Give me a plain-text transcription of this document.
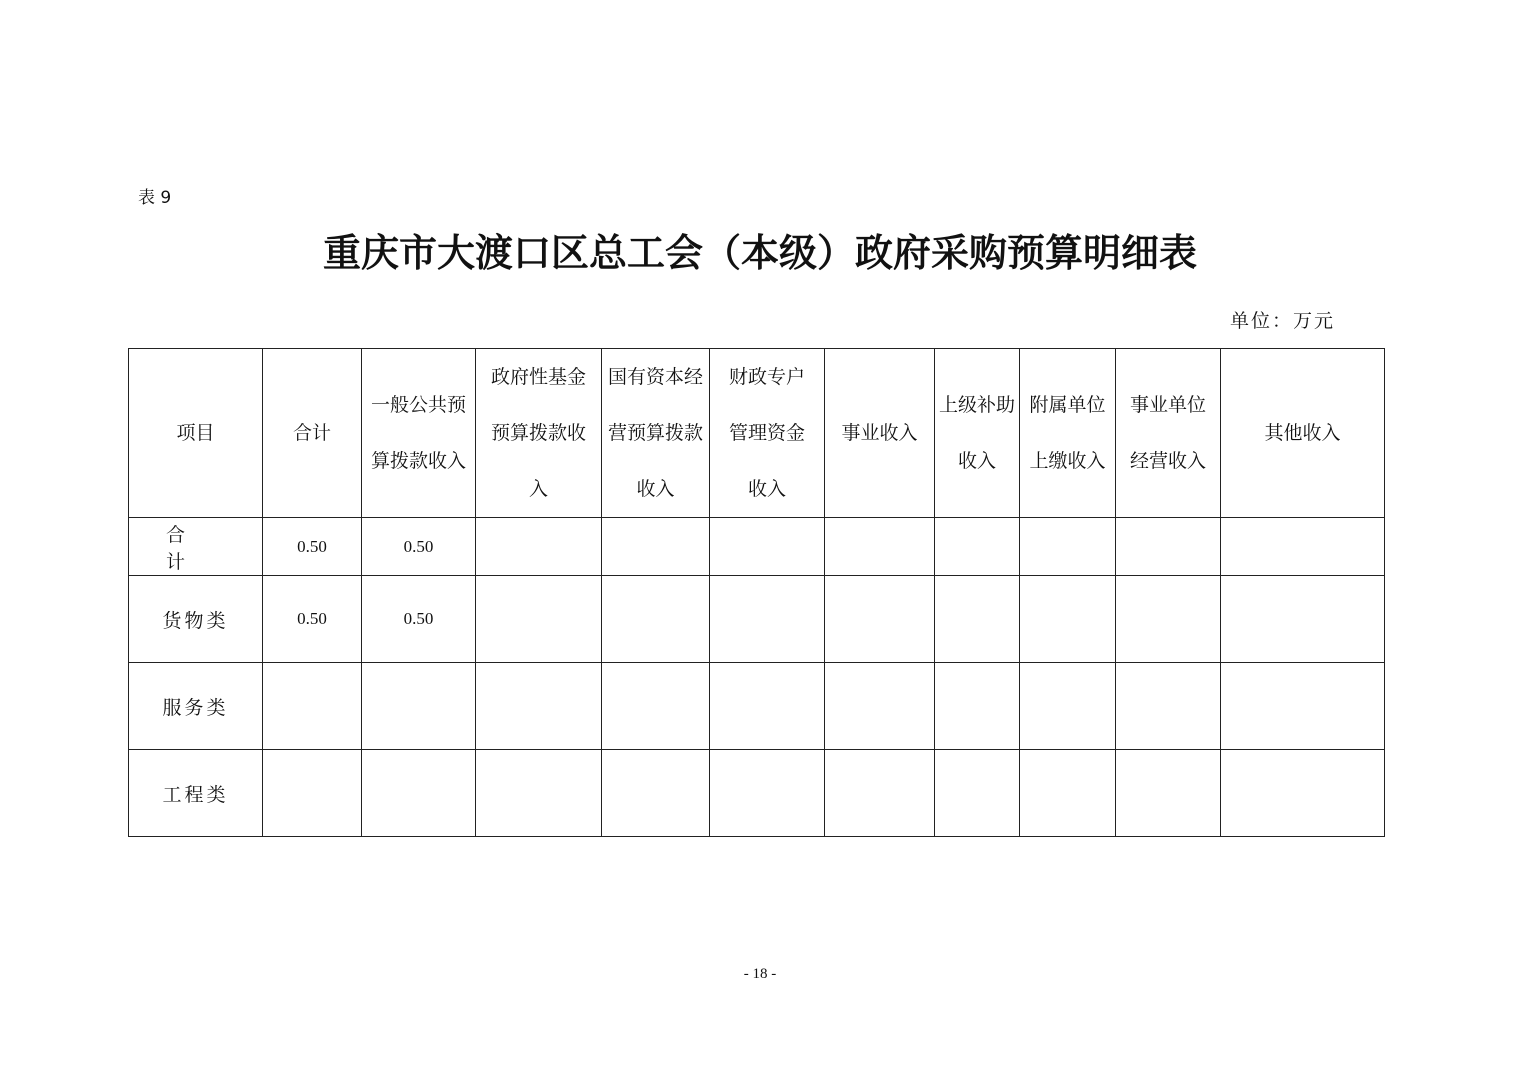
表 9
重庆市大渡口区总工会（本级）政府采购预算明细表
单位：万元
项目	合计	一般公共预算拨款收入	政府性基金预算拨款收入	国有资本经营预算拨款收入	财政专户管理资金收入	事业收入	上级补助收入	附属单位上缴收入	事业单位经营收入	其他收入
合 计	0.50	0.50								
货物类	0.50	0.50								
服务类										
工程类										
- 18 -
